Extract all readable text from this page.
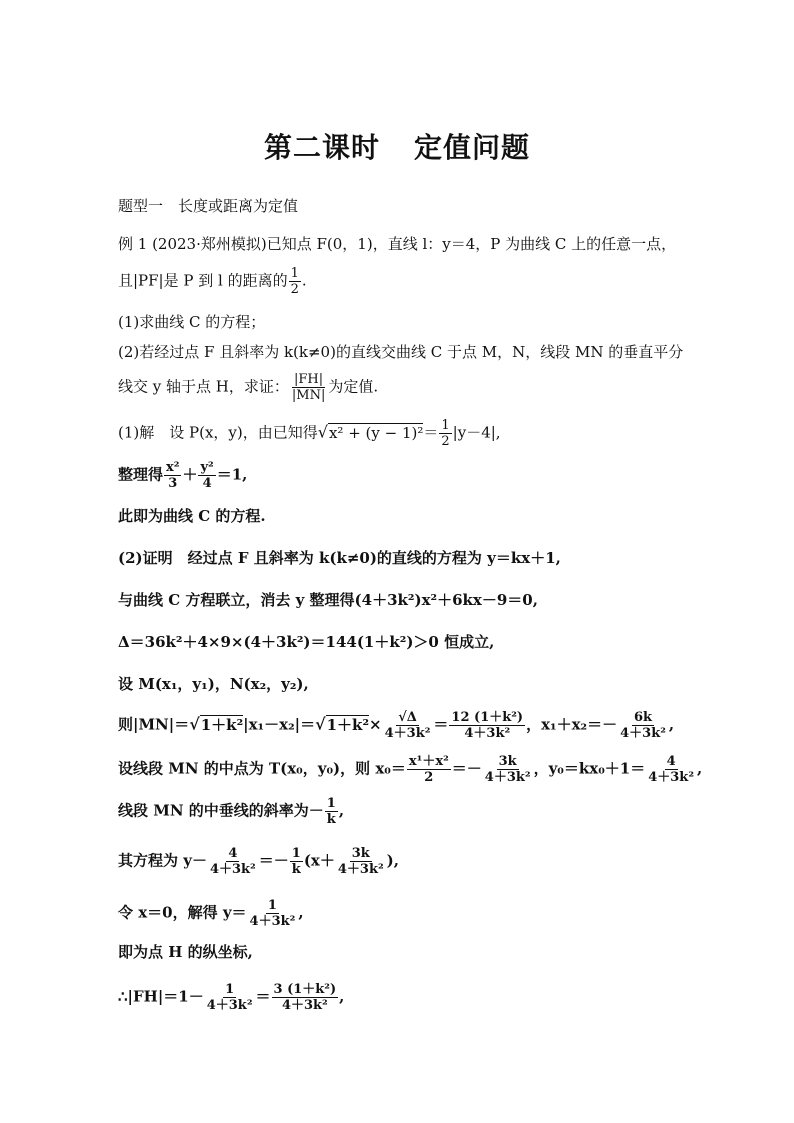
第二课时 定值问题
题型一　长度或距离为定值
例 1 (2023·郑州模拟)已知点 F(0，1)，直线 l：y＝4，P 为曲线 C 上的任意一点，
且|PF|是 P 到 l 的距离的 $\frac{1}{2}$ .
(1)求曲线 C 的方程；
(2)若经过点 F 且斜率为 k(k≠0)的直线交曲线 C 于点 M，N，线段 MN 的垂直平分
线交 y 轴于点 H，求证： $\frac{|FH|}{|MN|}$ 为定值.
(1)解　设 P(x，y)，由已知得$√x^2 + (y - 1)^2= \frac{1}{2} |y-4|$,
整理得 $\frac{\text{x²}}{3} + \frac{\text{y²}}{4} =1$,
此即为曲线 C 的方程.
(2)证明　经过点 F 且斜率为 k(k≠0)的直线的方程为 y＝kx＋1,
与曲线 C 方程联立，消去 y 整理得(4＋3k²)x²＋6kx－9＝0,
Δ＝36k²＋4×9×(4＋3k²)＝144(1＋k²)＞0 恒成立,
设 M(x₁，y₁)，N(x₂，y₂),
则$|MN|=√1+k^2|x_1-x_2|=√1+k^2\times \frac{√\Delta}{\text{4＋3k²}} = \frac{\text{12 (1＋k²)}}{\text{4＋3k²}}$ ，$x_1+x_2=- \frac{6k}{\text{4＋3k²}}$ ,
设线段 MN 的中点为 T(x₀，y₀)，则 $x_0= \frac{\text{x¹＋x²}}{2} =- \frac{3k}{\text{4＋3k²}}$ ，$y_0=kx_0+1= \frac{4}{\text{4＋3k²}}$ ,
线段 MN 的中垂线的斜率为－ $\frac{1}{k}$ ,
其方程为 $y- \frac{4}{\text{4＋3k²}} =- \frac{1}{k} (x+ \frac{3k}{\text{4＋3k²}}$ ),
令 x＝0，解得 $y= \frac{1}{\text{4＋3k²}}$ ,
即为点 H 的纵坐标,
∴|FH|＝1－ $\frac{1}{\text{4＋3k²}} = \frac{\text{3 (1＋k²)}}{\text{4＋3k²}}$ ,
